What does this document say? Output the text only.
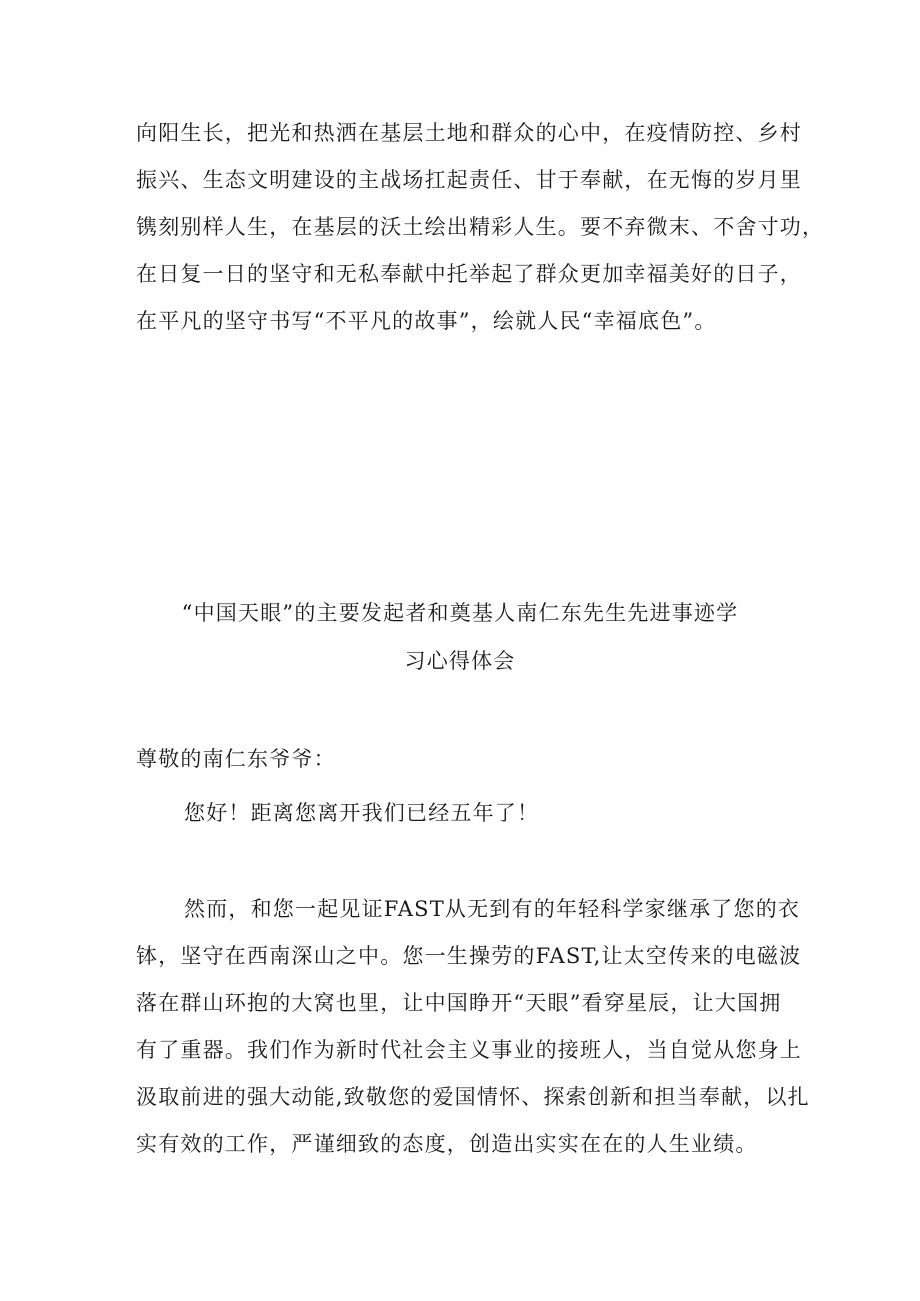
向阳生长，把光和热洒在基层土地和群众的心中，在疫情防控、乡村
振兴、生态文明建设的主战场扛起责任、甘于奉献，在无悔的岁月里
镌刻别样人生，在基层的沃土绘出精彩人生。要不弃微末、不舍寸功，
在日复一日的坚守和无私奉献中托举起了群众更加幸福美好的日子，
在平凡的坚守书写“不平凡的故事”，绘就人民“幸福底色”。
“中国天眼”的主要发起者和奠基人南仁东先生先进事迹学
习心得体会
尊敬的南仁东爷爷：
您好！距离您离开我们已经五年了！
然而，和您一起见证FAST从无到有的年轻科学家继承了您的衣
钵，坚守在西南深山之中。您一生操劳的FAST,让太空传来的电磁波
落在群山环抱的大窝也里，让中国睁开“天眼”看穿星辰，让大国拥
有了重器。我们作为新时代社会主义事业的接班人，当自觉从您身上
汲取前进的强大动能,致敬您的爱国情怀、探索创新和担当奉献，以扎
实有效的工作，严谨细致的态度，创造出实实在在的人生业绩。
